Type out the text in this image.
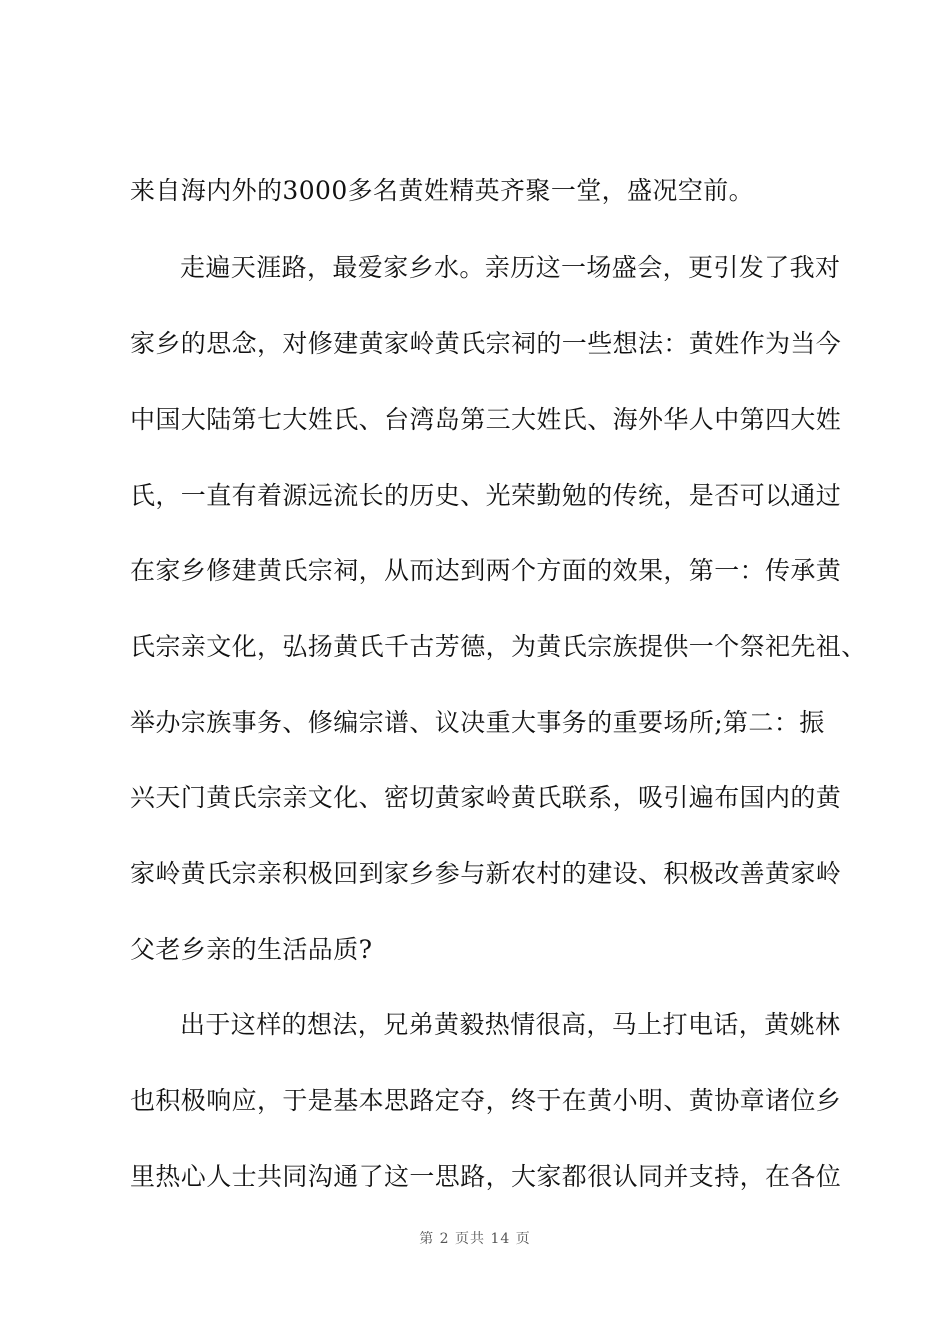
来自海内外的3000多名黄姓精英齐聚一堂，盛况空前。
走遍天涯路，最爱家乡水。亲历这一场盛会，更引发了我对
家乡的思念，对修建黄家岭黄氏宗祠的一些想法：黄姓作为当今
中国大陆第七大姓氏、台湾岛第三大姓氏、海外华人中第四大姓
氏，一直有着源远流长的历史、光荣勤勉的传统，是否可以通过
在家乡修建黄氏宗祠，从而达到两个方面的效果，第一：传承黄
氏宗亲文化，弘扬黄氏千古芳德，为黄氏宗族提供一个祭祀先祖、
举办宗族事务、修编宗谱、议决重大事务的重要场所;第二：振
兴天门黄氏宗亲文化、密切黄家岭黄氏联系，吸引遍布国内的黄
家岭黄氏宗亲积极回到家乡参与新农村的建设、积极改善黄家岭
父老乡亲的生活品质?
出于这样的想法，兄弟黄毅热情很高，马上打电话，黄姚林
也积极响应，于是基本思路定夺，终于在黄小明、黄协章诸位乡
里热心人士共同沟通了这一思路，大家都很认同并支持，在各位
第 2 页共 14 页
